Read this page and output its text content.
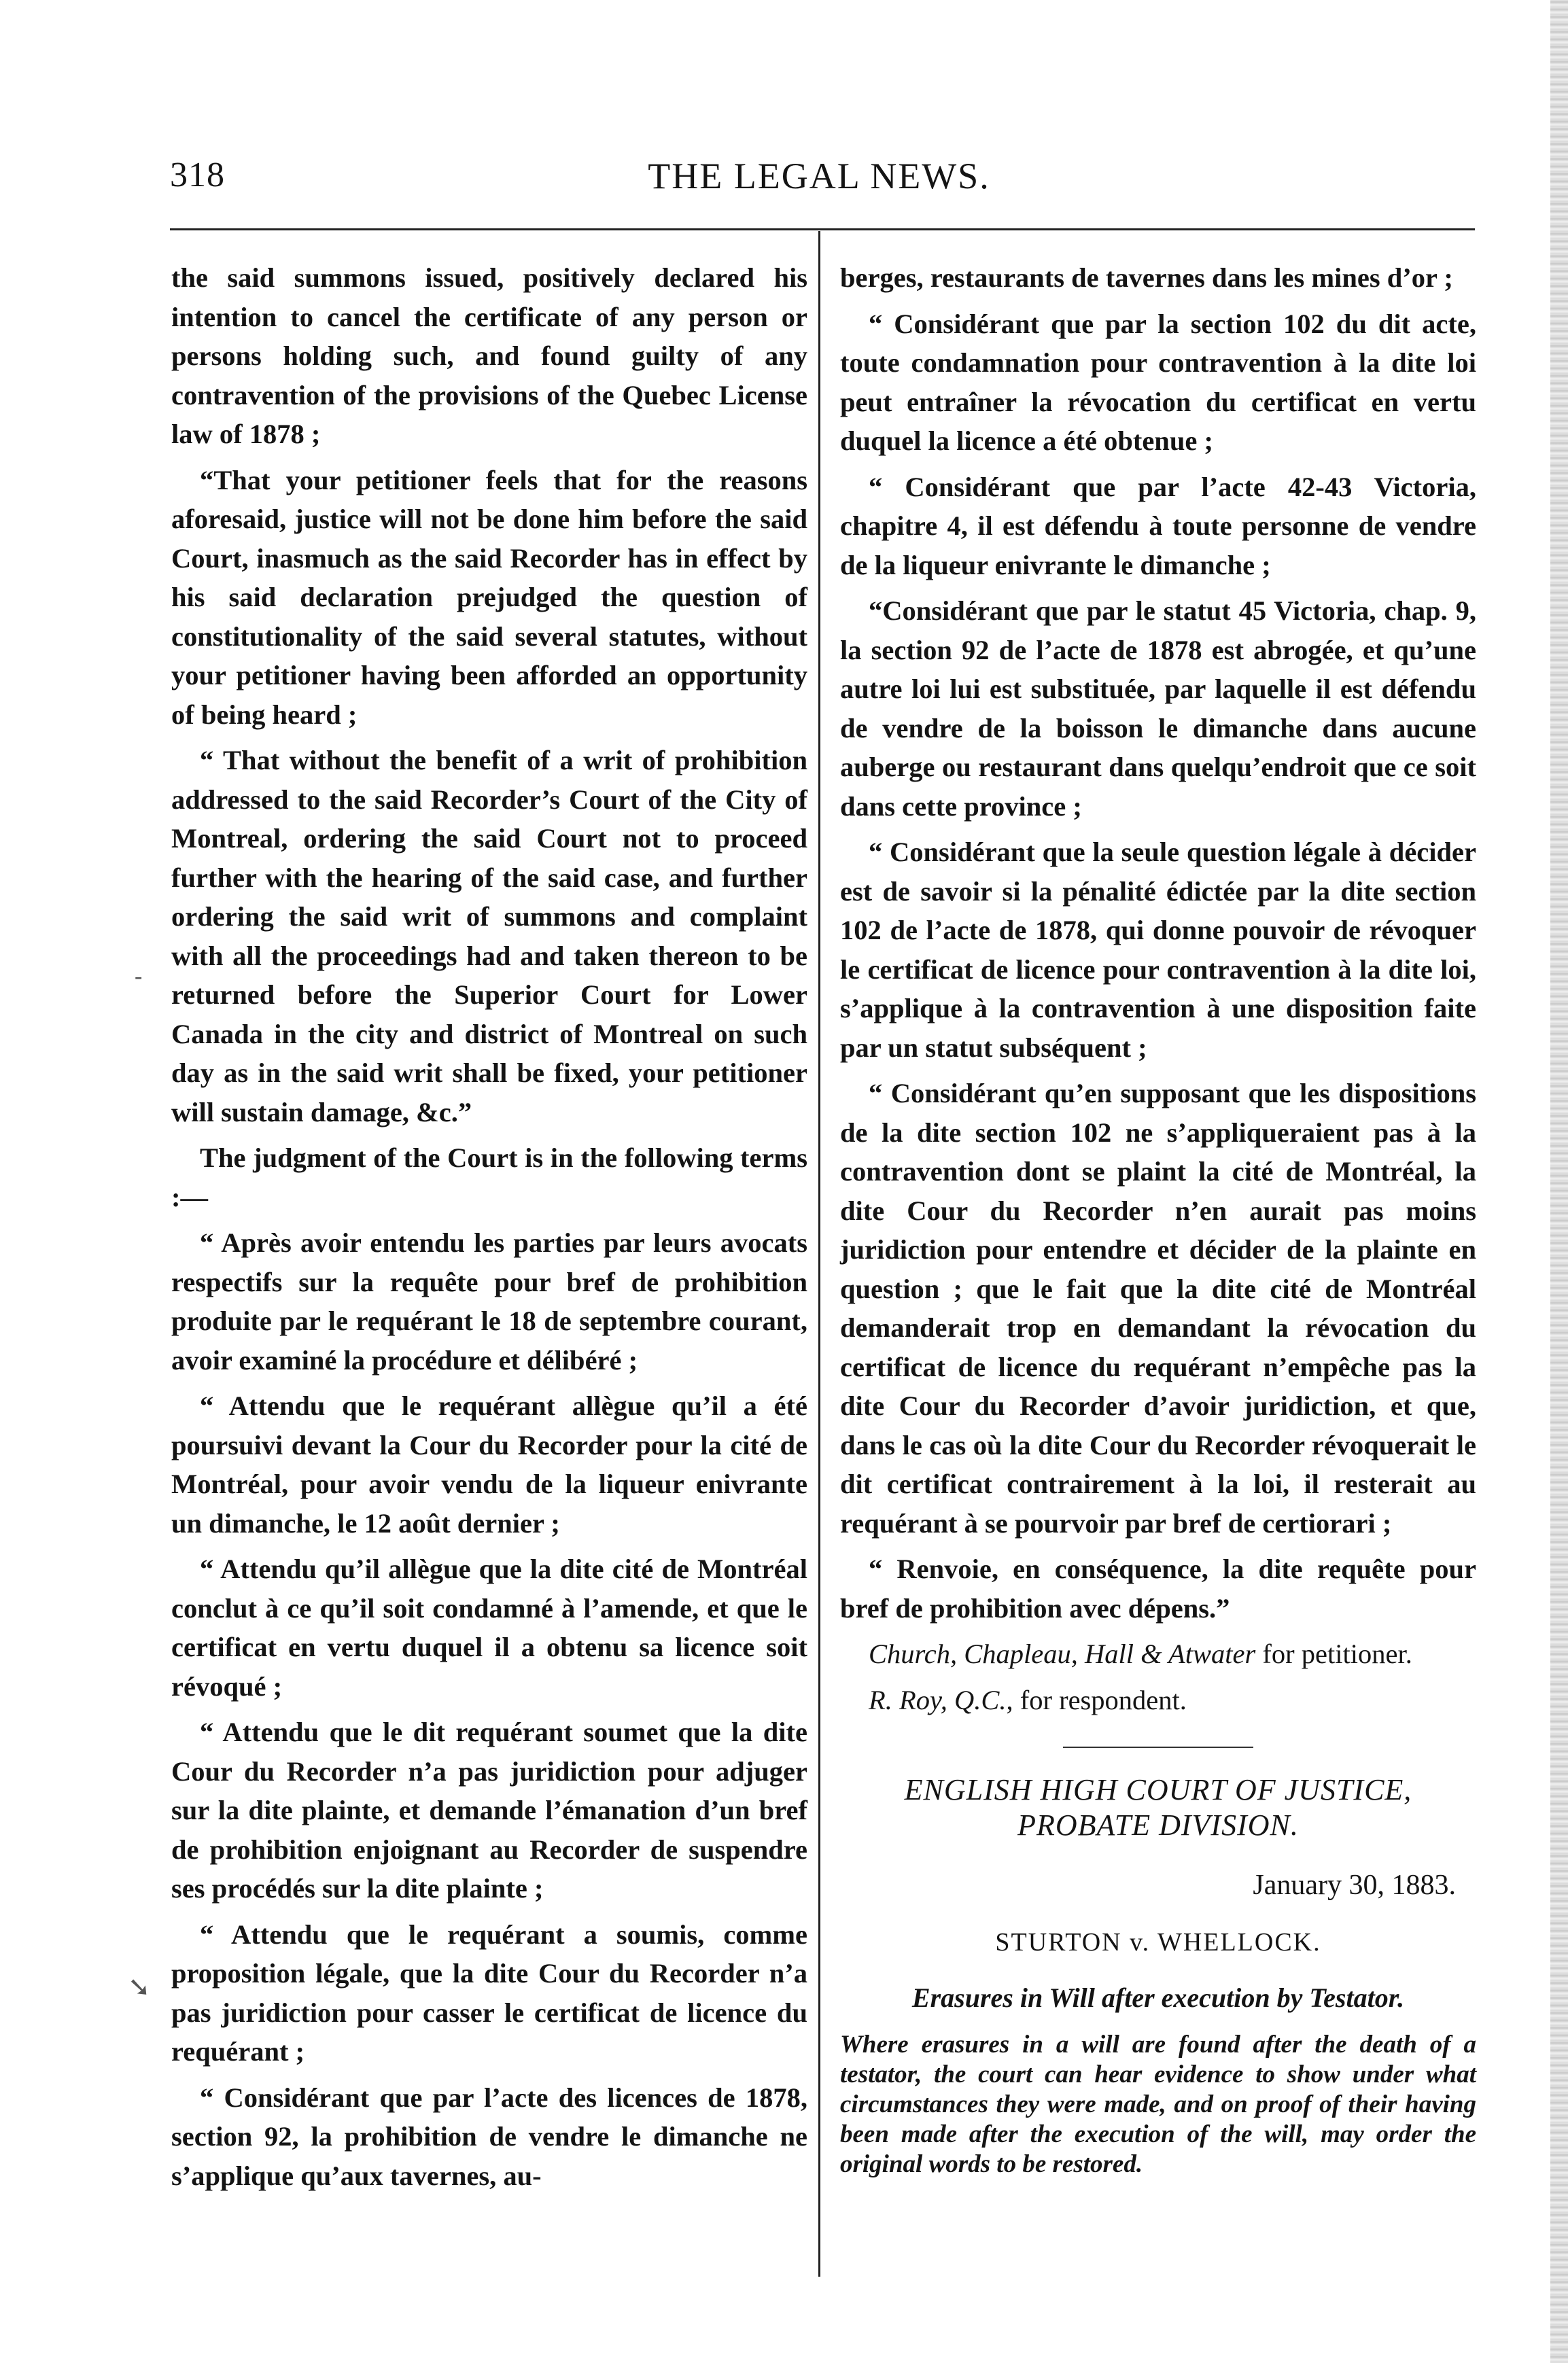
318	THE LEGAL NEWS.

the said summons issued, positively declared his intention to cancel the certificate of any person or persons holding such, and found guilty of any contravention of the provisions of the Quebec License law of 1878 ;

“That your petitioner feels that for the reasons aforesaid, justice will not be done him before the said Court, inasmuch as the said Recorder has in effect by his said declaration prejudged the question of constitutionality of the said several statutes, without your petitioner having been afforded an opportunity of being heard ;

“ That without the benefit of a writ of prohibition addressed to the said Recorder’s Court of the City of Montreal, ordering the said Court not to proceed further with the hearing of the said case, and further ordering the said writ of summons and complaint with all the proceedings had and taken thereon to be returned before the Superior Court for Lower Canada in the city and district of Montreal on such day as in the said writ shall be fixed, your petitioner will sustain damage, &c.”

The judgment of the Court is in the following terms :—

“ Après avoir entendu les parties par leurs avocats respectifs sur la requête pour bref de prohibition produite par le requérant le 18 de septembre courant, avoir examiné la procédure et délibéré ;

“ Attendu que le requérant allègue qu’il a été poursuivi devant la Cour du Recorder pour la cité de Montréal, pour avoir vendu de la liqueur enivrante un dimanche, le 12 août dernier ;

“ Attendu qu’il allègue que la dite cité de Montréal conclut à ce qu’il soit condamné à l’amende, et que le certificat en vertu duquel il a obtenu sa licence soit révoqué ;

“ Attendu que le dit requérant soumet que la dite Cour du Recorder n’a pas juridiction pour adjuger sur la dite plainte, et demande l’émanation d’un bref de prohibition enjoignant au Recorder de suspendre ses procédés sur la dite plainte ;

“ Attendu que le requérant a soumis, comme proposition légale, que la dite Cour du Recorder n’a pas juridiction pour casser le certificat de licence du requérant ;

“ Considérant que par l’acte des licences de 1878, section 92, la prohibition de vendre le dimanche ne s’applique qu’aux tavernes, au-

berges, restaurants de tavernes dans les mines d’or ;

“ Considérant que par la section 102 du dit acte, toute condamnation pour contravention à la dite loi peut entraîner la révocation du certificat en vertu duquel la licence a été obtenue ;

“ Considérant que par l’acte 42-43 Victoria, chapitre 4, il est défendu à toute personne de vendre de la liqueur enivrante le dimanche ;

“Considérant que par le statut 45 Victoria, chap. 9, la section 92 de l’acte de 1878 est abrogée, et qu’une autre loi lui est substituée, par laquelle il est défendu de vendre de la boisson le dimanche dans aucune auberge ou restaurant dans quelqu’endroit que ce soit dans cette province ;

“ Considérant que la seule question légale à décider est de savoir si la pénalité édictée par la dite section 102 de l’acte de 1878, qui donne pouvoir de révoquer le certificat de licence pour contravention à la dite loi, s’applique à la contravention à une disposition faite par un statut subséquent ;

“ Considérant qu’en supposant que les dispositions de la dite section 102 ne s’appliqueraient pas à la contravention dont se plaint la cité de Montréal, la dite Cour du Recorder n’en aurait pas moins juridiction pour entendre et décider de la plainte en question ; que le fait que la dite cité de Montréal demanderait trop en demandant la révocation du certificat de licence du requérant n’empêche pas la dite Cour du Recorder d’avoir juridiction, et que, dans le cas où la dite Cour du Recorder révoquerait le dit certificat contrairement à la loi, il resterait au requérant à se pourvoir par bref de certiorari ;

“ Renvoie, en conséquence, la dite requête pour bref de prohibition avec dépens.”

Church, Chapleau, Hall & Atwater for petitioner.

R. Roy, Q.C., for respondent.

ENGLISH HIGH COURT OF JUSTICE, PROBATE DIVISION.
January 30, 1883.
STURTON v. WHELLOCK.
Erasures in Will after execution by Testator.
Where erasures in a will are found after the death of a testator, the court can hear evidence to show under what circumstances they were made, and on proof of their having been made after the execution of the will, may order the original words to be restored.
-
➘
